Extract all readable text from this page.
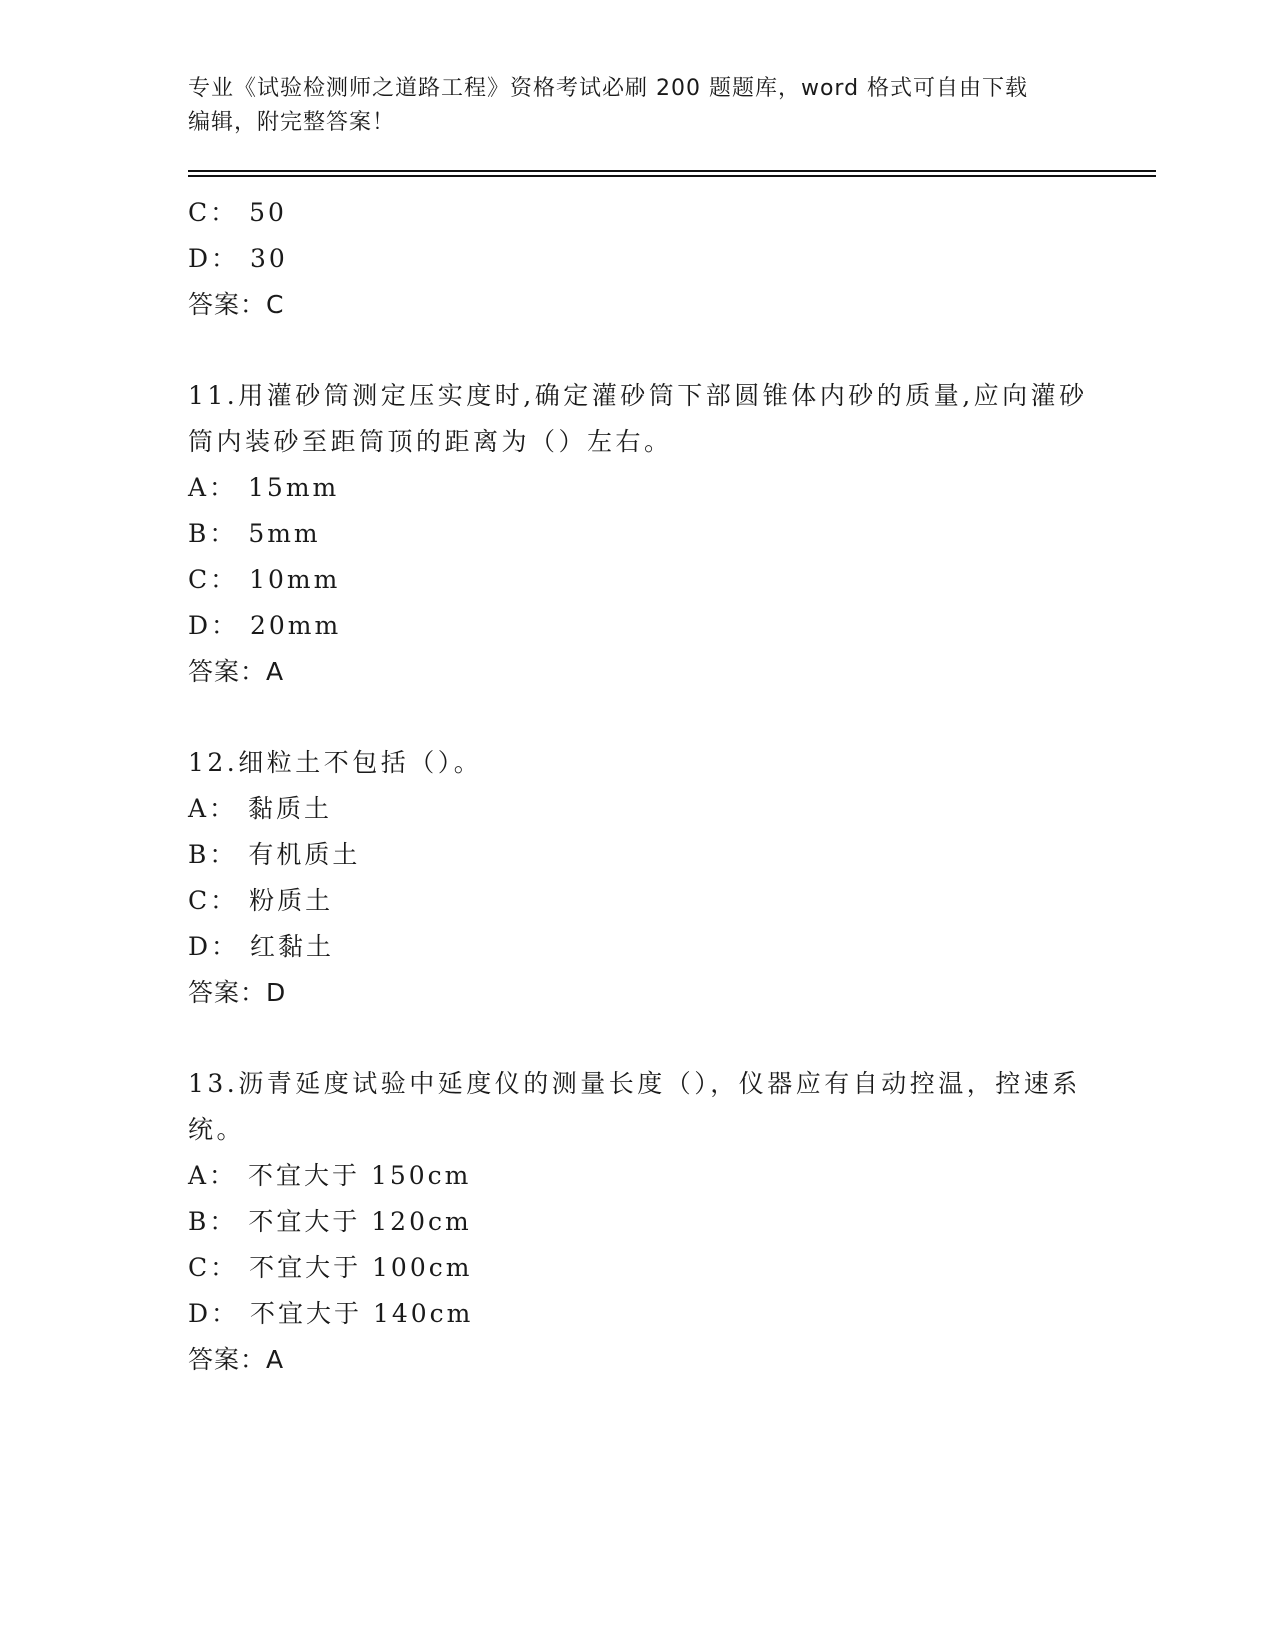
专业《试验检测师之道路工程》资格考试必刷 200 题题库，word 格式可自由下载
编辑，附完整答案！
C： 50
D： 30
答案：C
11.用灌砂筒测定压实度时,确定灌砂筒下部圆锥体内砂的质量,应向灌砂筒内装砂至距筒顶的距离为（）左右。
A： 15mm
B： 5mm
C： 10mm
D： 20mm
答案：A
12.细粒土不包括（）。
A： 黏质土
B： 有机质土
C： 粉质土
D： 红黏土
答案：D
13.沥青延度试验中延度仪的测量长度（），仪器应有自动控温，控速系统。
A： 不宜大于 150cm
B： 不宜大于 120cm
C： 不宜大于 100cm
D： 不宜大于 140cm
答案：A
